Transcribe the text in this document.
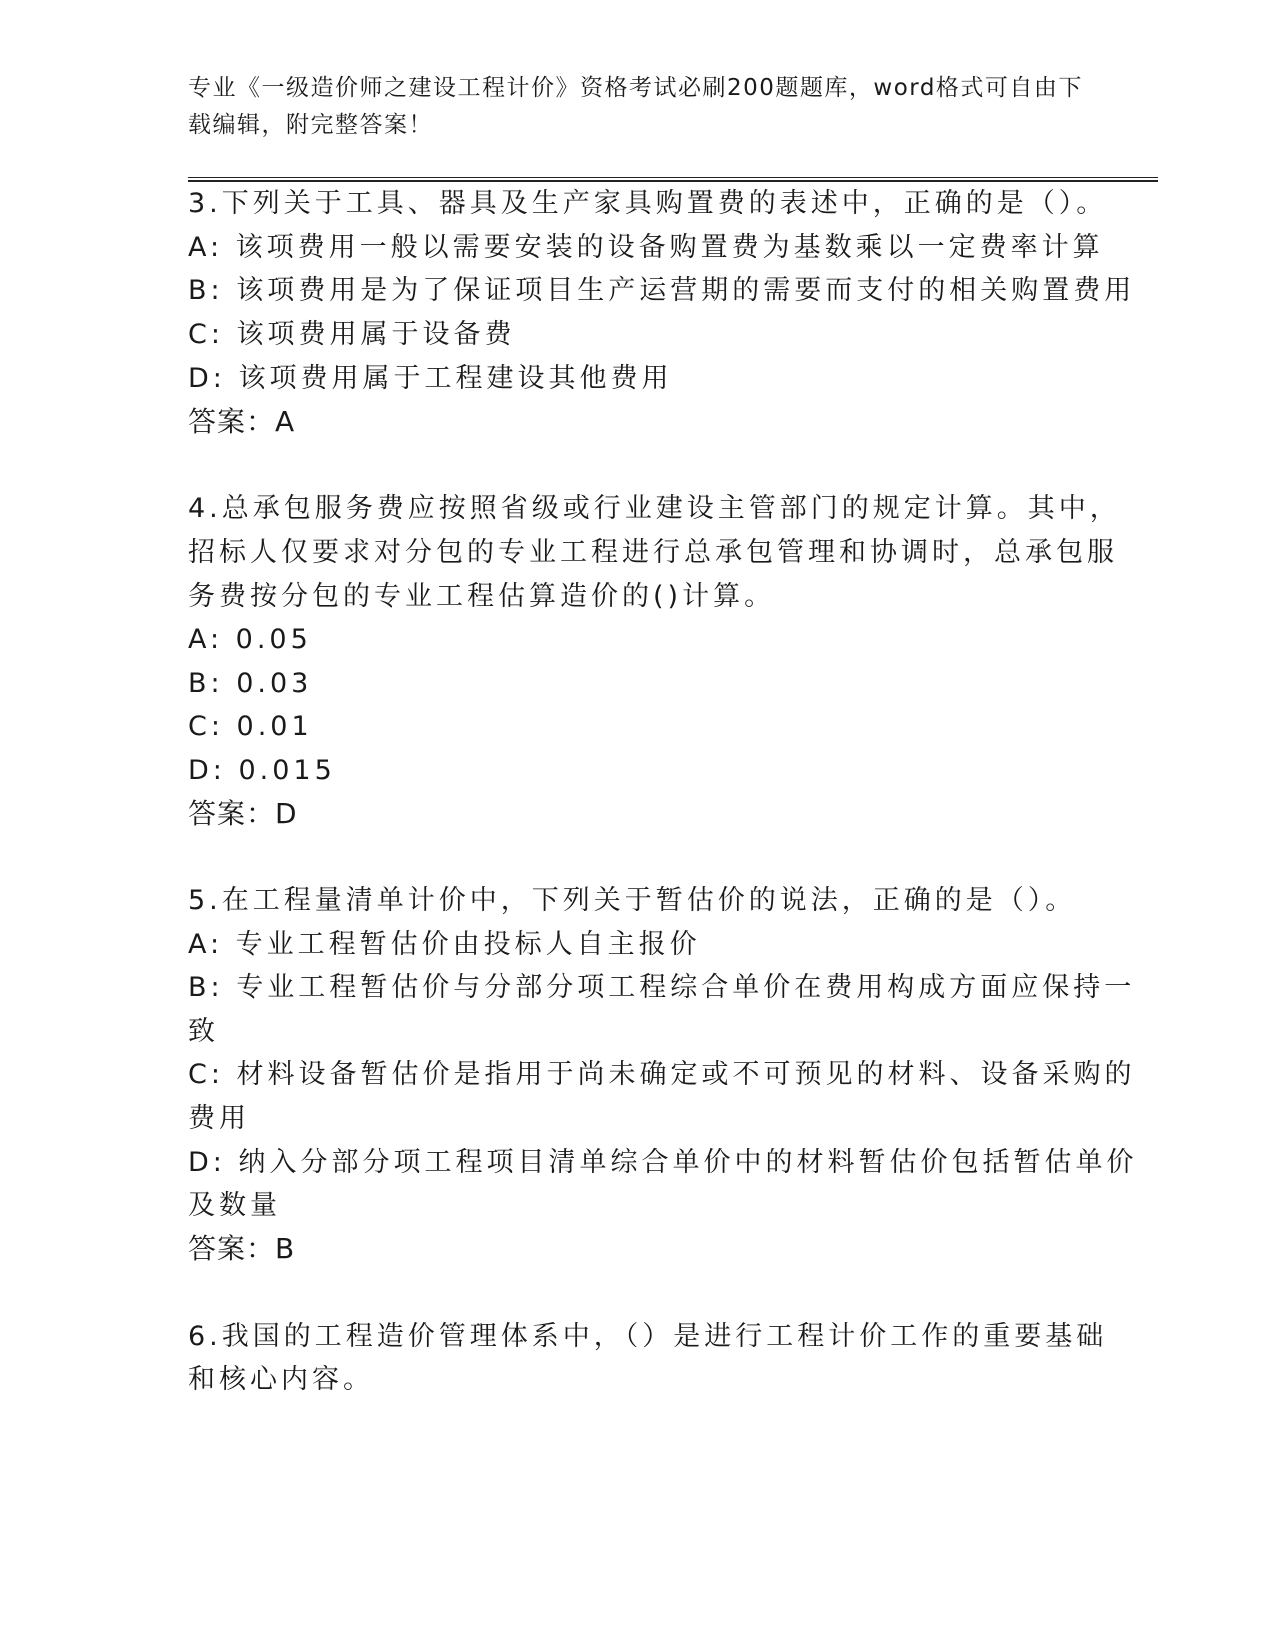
专业《一级造价师之建设工程计价》资格考试必刷200题题库，word格式可自由下载编辑，附完整答案！
3.下列关于工具、器具及生产家具购置费的表述中，正确的是（）。
A: 该项费用一般以需要安装的设备购置费为基数乘以一定费率计算
B: 该项费用是为了保证项目生产运营期的需要而支付的相关购置费用
C: 该项费用属于设备费
D: 该项费用属于工程建设其他费用
答案：A
4.总承包服务费应按照省级或行业建设主管部门的规定计算。其中，
招标人仅要求对分包的专业工程进行总承包管理和协调时，总承包服
务费按分包的专业工程估算造价的()计算。
A: 0.05
B: 0.03
C: 0.01
D: 0.015
答案：D
5.在工程量清单计价中，下列关于暂估价的说法，正确的是（）。
A: 专业工程暂估价由投标人自主报价
B: 专业工程暂估价与分部分项工程综合单价在费用构成方面应保持一
致
C: 材料设备暂估价是指用于尚未确定或不可预见的材料、设备采购的
费用
D: 纳入分部分项工程项目清单综合单价中的材料暂估价包括暂估单价
及数量
答案：B
6.我国的工程造价管理体系中，（）是进行工程计价工作的重要基础
和核心内容。
